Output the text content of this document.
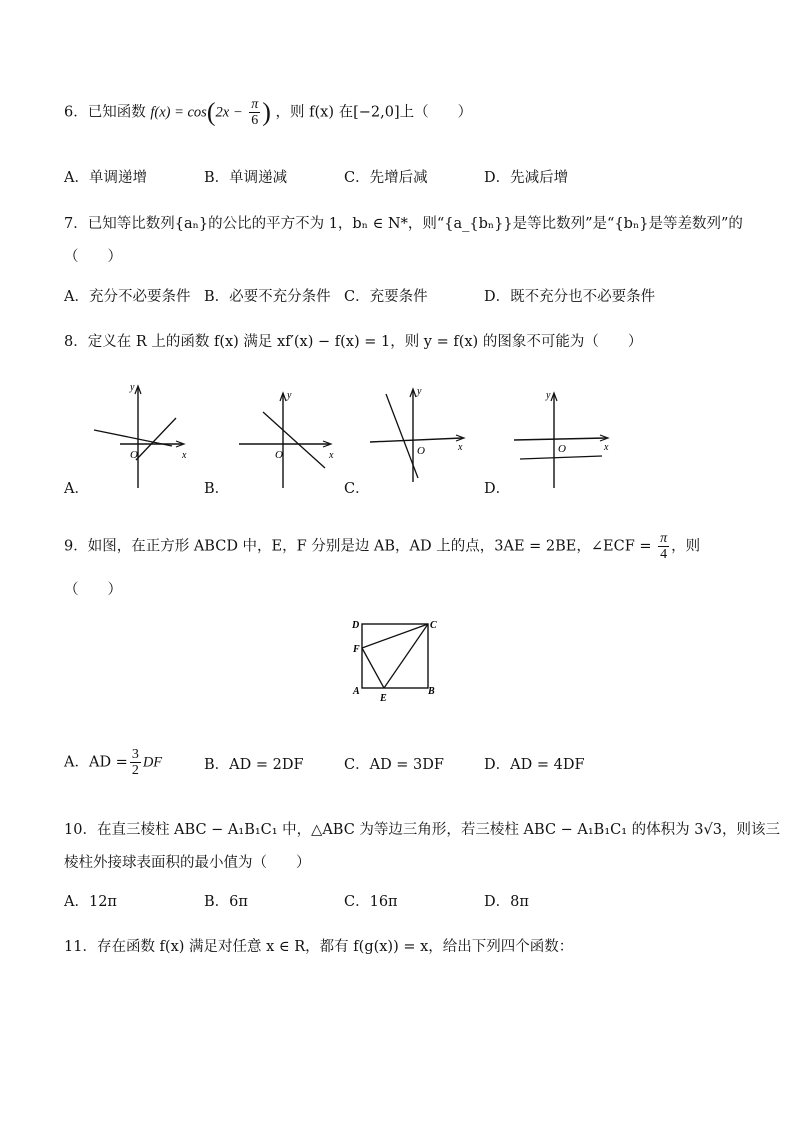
6．已知函数 $f(x) = \cos(2x - \frac{\pi}{6}$ ) ，则 f(x) 在[−2,0]上（　　）
A．单调递增	B．单调递减	C．先增后减	D．先减后增
7．已知等比数列{aₙ}的公比的平方不为 1，bₙ ∈ N*，则“{a_{bₙ}}是等比数列”是“{bₙ}是等差数列”的
（　　）
A．充分不必要条件 B．必要不充分条件 C．充要条件	D．既不充分也不必要条件
8．定义在 R 上的函数 f(x) 满足 xf′(x) − f(x) = 1，则 y = f(x) 的图象不可能为（　　）
A．
y
x
O
B．
y
x
O
C．
y
x
O
D．
y
x
O
9．如图，在正方形 ABCD 中，E，F 分别是边 AB，AD 上的点，3AE = 2BE，∠ECF = $\frac{\pi}{4}$ ，则
（　　）
D	C
F
A
E
B
A．AD = $\frac{3}{2}$ DF	B．AD = 2DF	C．AD = 3DF	D．AD = 4DF
10．在直三棱柱 ABC − A₁B₁C₁ 中，△ABC 为等边三角形，若三棱柱 ABC − A₁B₁C₁ 的体积为 3√3，则该三
棱柱外接球表面积的最小值为（　　）
A．12π	B．6π	C．16π	D．8π
11．存在函数 f(x) 满足对任意 x ∈ R，都有 f(g(x)) = x，给出下列四个函数：
